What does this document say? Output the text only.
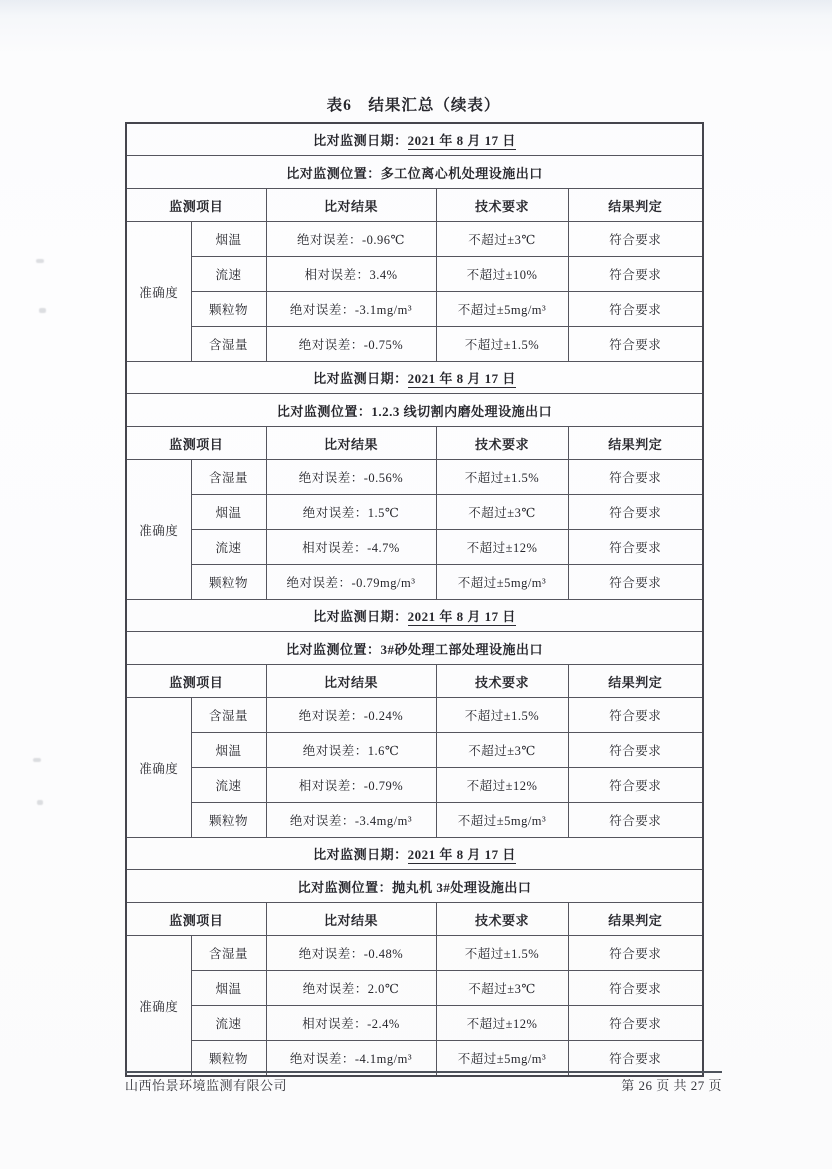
表6　结果汇总（续表）
比对监测日期：2021 年 8 月 17 日				
比对监测位置：多工位离心机处理设施出口				
监测项目		比对结果	技术要求	结果判定
准确度	烟温	绝对误差：-0.96℃	不超过±3℃	符合要求
	流速	相对误差：3.4%	不超过±10%	符合要求
	颗粒物	绝对误差：-3.1mg/m³	不超过±5mg/m³	符合要求
	含湿量	绝对误差：-0.75%	不超过±1.5%	符合要求
比对监测日期：2021 年 8 月 17 日				
比对监测位置：1.2.3 线切割内磨处理设施出口				
监测项目		比对结果	技术要求	结果判定
准确度	含湿量	绝对误差：-0.56%	不超过±1.5%	符合要求
	烟温	绝对误差：1.5℃	不超过±3℃	符合要求
	流速	相对误差：-4.7%	不超过±12%	符合要求
	颗粒物	绝对误差：-0.79mg/m³	不超过±5mg/m³	符合要求
比对监测日期：2021 年 8 月 17 日				
比对监测位置：3#砂处理工部处理设施出口				
监测项目		比对结果	技术要求	结果判定
准确度	含湿量	绝对误差：-0.24%	不超过±1.5%	符合要求
	烟温	绝对误差：1.6℃	不超过±3℃	符合要求
	流速	相对误差：-0.79%	不超过±12%	符合要求
	颗粒物	绝对误差：-3.4mg/m³	不超过±5mg/m³	符合要求
比对监测日期：2021 年 8 月 17 日				
比对监测位置：抛丸机 3#处理设施出口				
监测项目		比对结果	技术要求	结果判定
准确度	含湿量	绝对误差：-0.48%	不超过±1.5%	符合要求
	烟温	绝对误差：2.0℃	不超过±3℃	符合要求
	流速	相对误差：-2.4%	不超过±12%	符合要求
	颗粒物	绝对误差：-4.1mg/m³	不超过±5mg/m³	符合要求
山西怡景环境监测有限公司	第 26 页 共 27 页
